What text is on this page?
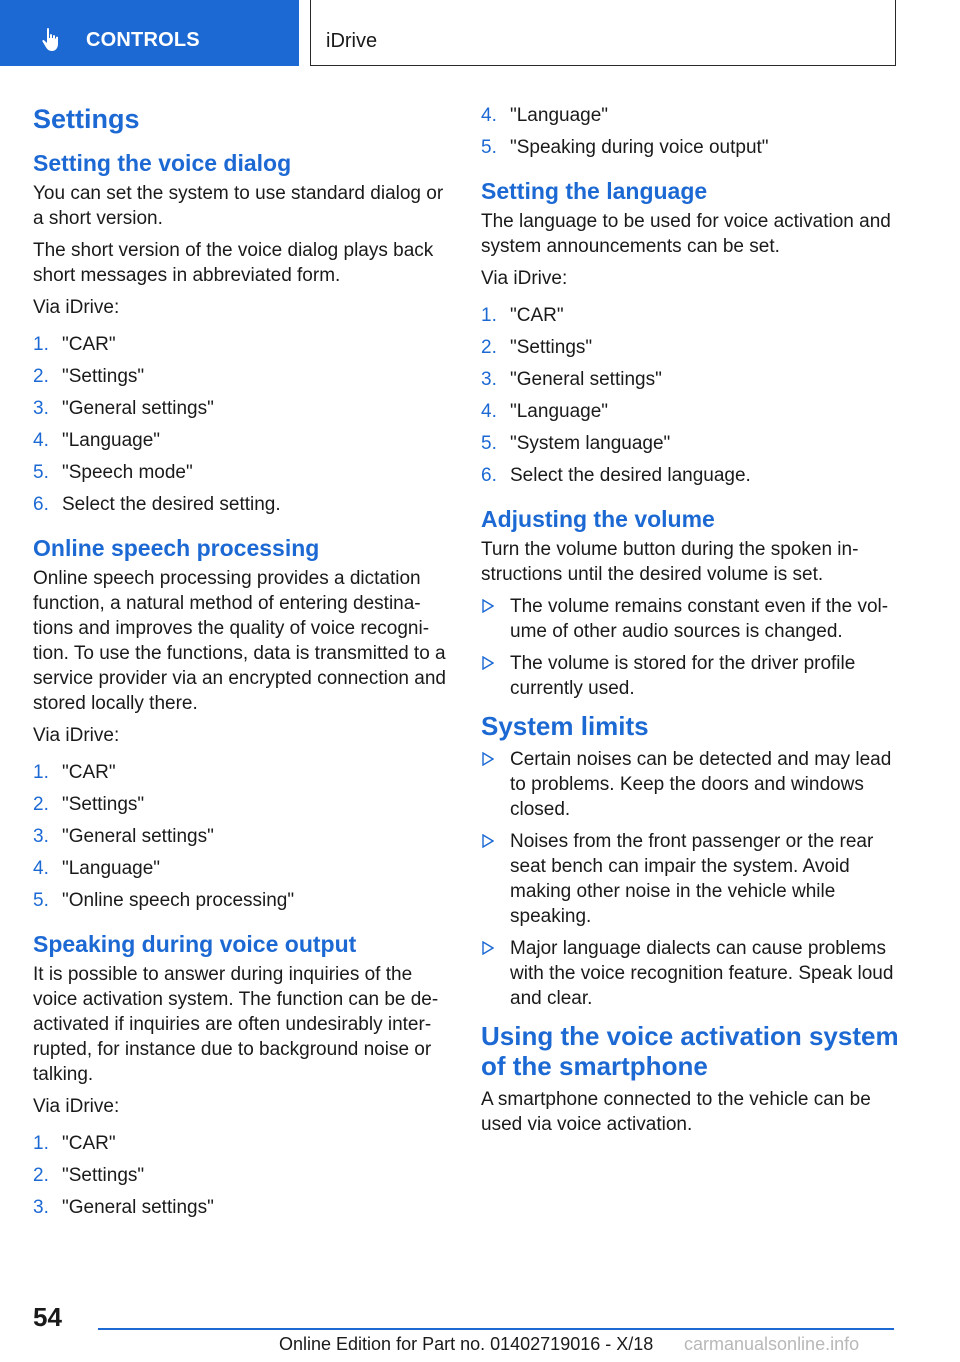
CONTROLS	iDrive
Settings
Setting the voice dialog

You can set the system to use standard dialog or a short version.

The short version of the voice dialog plays back short messages in abbreviated form.

Via iDrive:

1. "CAR"
2. "Settings"
3. "General settings"
4. "Language"
5. "Speech mode"
6. Select the desired setting.
Online speech processing

Online speech processing provides a dictation function, a natural method of entering destina-tions and improves the quality of voice recogni-tion. To use the functions, data is transmitted to a service provider via an encrypted connection and stored locally there.

Via iDrive:

1. "CAR"
2. "Settings"
3. "General settings"
4. "Language"
5. "Online speech processing"
Speaking during voice output

It is possible to answer during inquiries of the voice activation system. The function can be de-activated if inquiries are often undesirably inter-rupted, for instance due to background noise or talking.

Via iDrive:

1. "CAR"
2. "Settings"
3. "General settings"
4. "Language"
5. "Speaking during voice output"
Setting the language

The language to be used for voice activation and system announcements can be set.

Via iDrive:

1. "CAR"
2. "Settings"
3. "General settings"
4. "Language"
5. "System language"
6. Select the desired language.
Adjusting the volume

Turn the volume button during the spoken in-structions until the desired volume is set.

The volume remains constant even if the vol-ume of other audio sources is changed.
The volume is stored for the driver profile currently used.
System limits
Certain noises can be detected and may lead to problems. Keep the doors and windows closed.
Noises from the front passenger or the rear seat bench can impair the system. Avoid making other noise in the vehicle while speaking.
Major language dialects can cause problems with the voice recognition feature. Speak loud and clear.
Using the voice activation system of the smartphone

A smartphone connected to the vehicle can be used via voice activation.

54
Online Edition for Part no. 01402719016 - X/18 carmanualsonline.info
